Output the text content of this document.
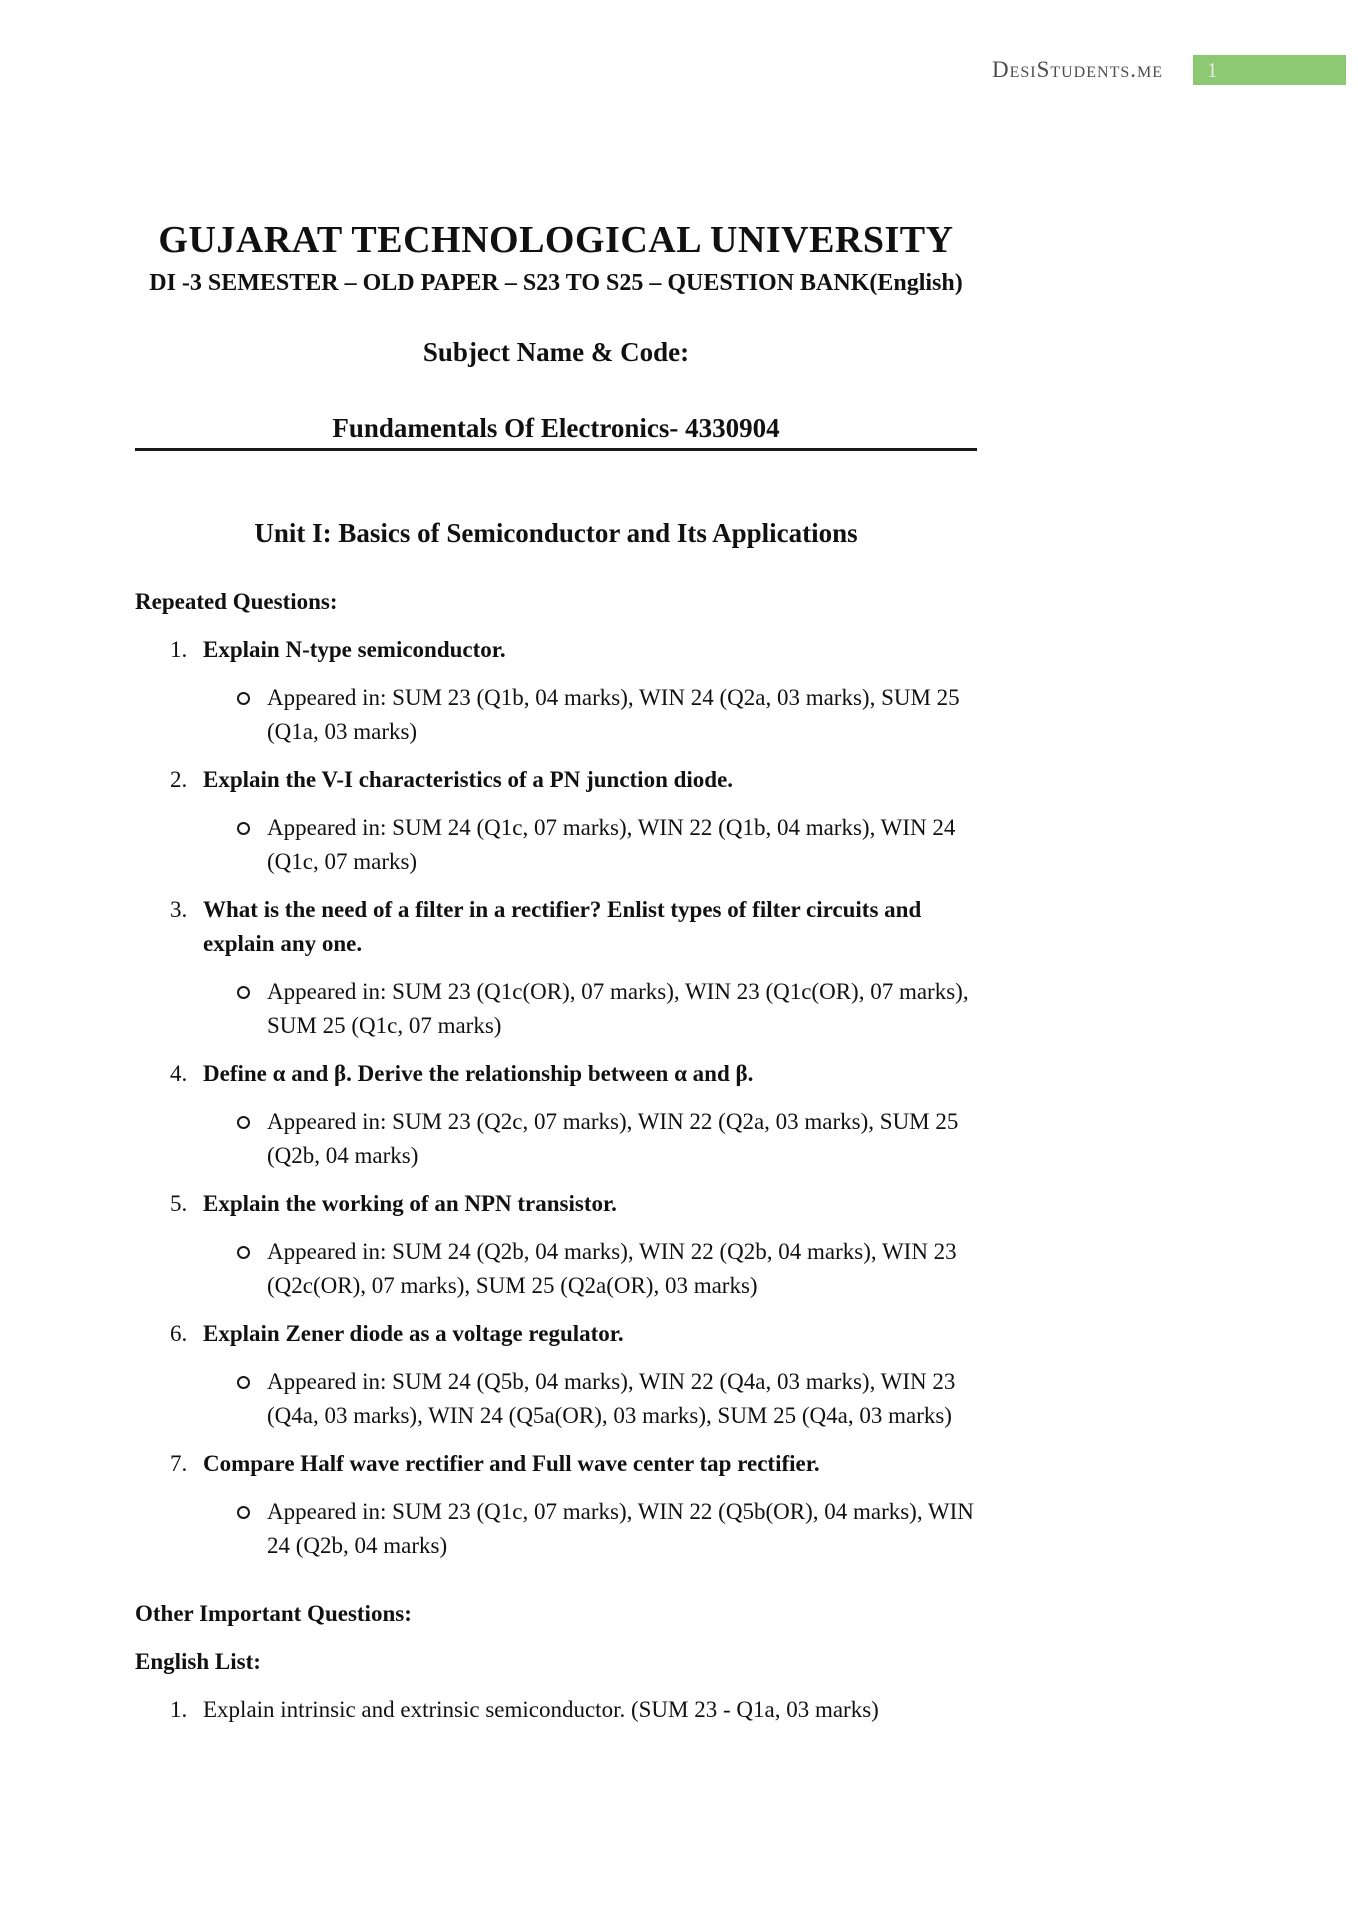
DesiStudents.me 1
GUJARAT TECHNOLOGICAL UNIVERSITY
DI -3 SEMESTER – OLD PAPER – S23 TO S25 – QUESTION BANK(English)
Subject Name & Code:
Fundamentals Of Electronics- 4330904
Unit I: Basics of Semiconductor and Its Applications
Repeated Questions:
1. Explain N-type semiconductor.
Appeared in: SUM 23 (Q1b, 04 marks), WIN 24 (Q2a, 03 marks), SUM 25 (Q1a, 03 marks)
2. Explain the V-I characteristics of a PN junction diode.
Appeared in: SUM 24 (Q1c, 07 marks), WIN 22 (Q1b, 04 marks), WIN 24 (Q1c, 07 marks)
3. What is the need of a filter in a rectifier? Enlist types of filter circuits and explain any one.
Appeared in: SUM 23 (Q1c(OR), 07 marks), WIN 23 (Q1c(OR), 07 marks), SUM 25 (Q1c, 07 marks)
4. Define α and β. Derive the relationship between α and β.
Appeared in: SUM 23 (Q2c, 07 marks), WIN 22 (Q2a, 03 marks), SUM 25 (Q2b, 04 marks)
5. Explain the working of an NPN transistor.
Appeared in: SUM 24 (Q2b, 04 marks), WIN 22 (Q2b, 04 marks), WIN 23 (Q2c(OR), 07 marks), SUM 25 (Q2a(OR), 03 marks)
6. Explain Zener diode as a voltage regulator.
Appeared in: SUM 24 (Q5b, 04 marks), WIN 22 (Q4a, 03 marks), WIN 23 (Q4a, 03 marks), WIN 24 (Q5a(OR), 03 marks), SUM 25 (Q4a, 03 marks)
7. Compare Half wave rectifier and Full wave center tap rectifier.
Appeared in: SUM 23 (Q1c, 07 marks), WIN 22 (Q5b(OR), 04 marks), WIN 24 (Q2b, 04 marks)
Other Important Questions:
English List:
1. Explain intrinsic and extrinsic semiconductor. (SUM 23 - Q1a, 03 marks)
